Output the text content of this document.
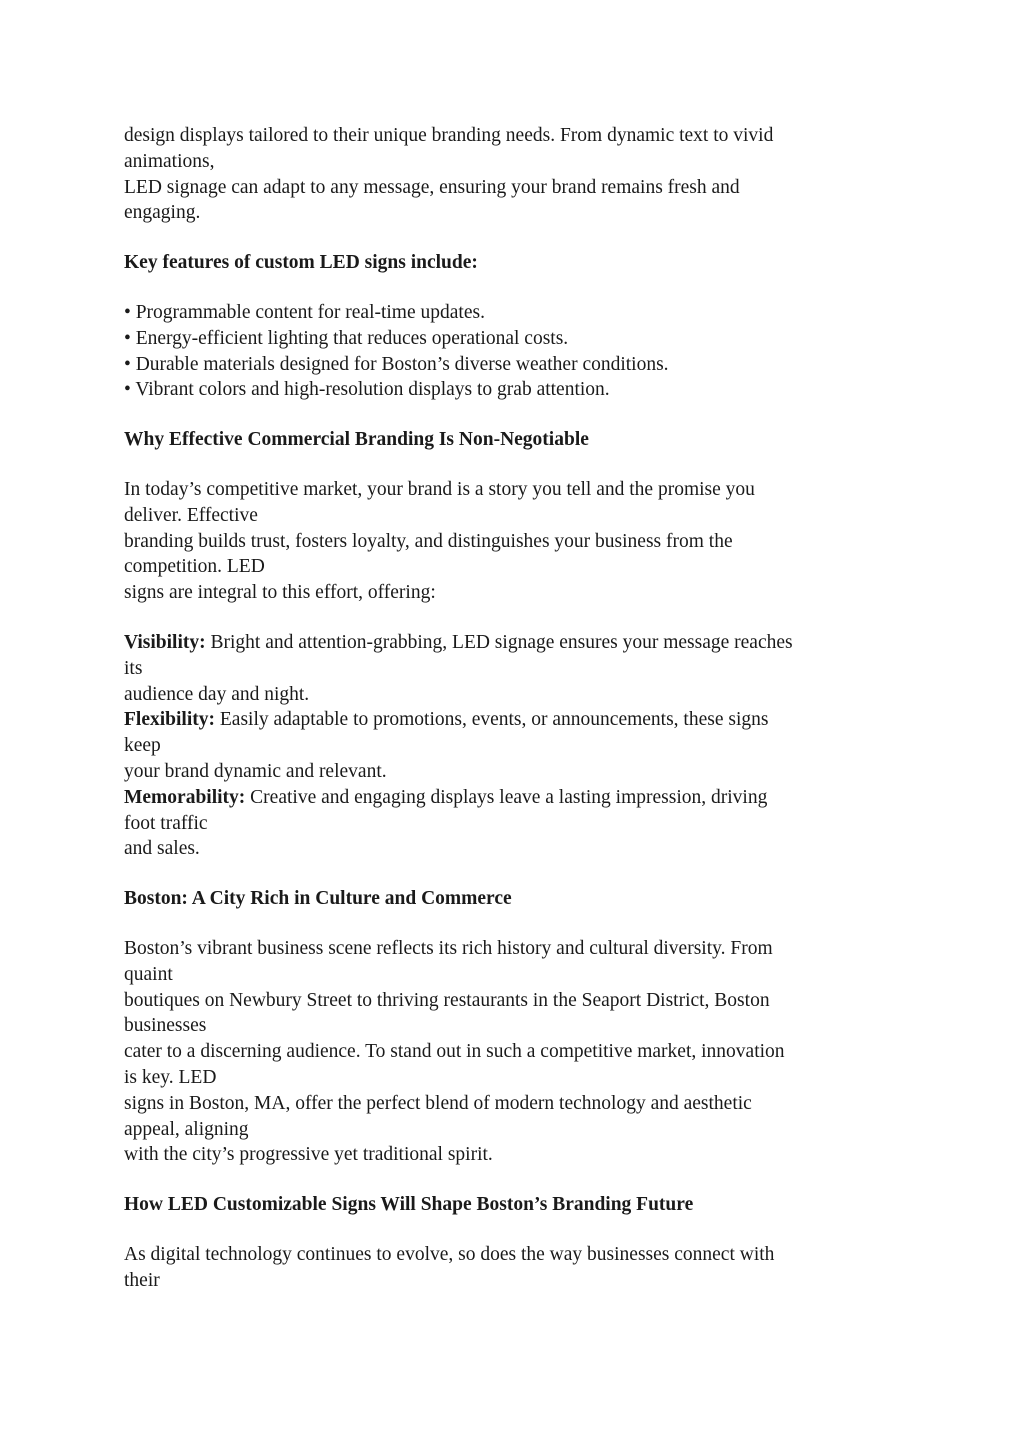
design displays tailored to their unique branding needs. From dynamic text to vivid
animations,
LED signage can adapt to any message, ensuring your brand remains fresh and
engaging.
Key features of custom LED signs include:
• Programmable content for real-time updates.
• Energy-efficient lighting that reduces operational costs.
• Durable materials designed for Boston’s diverse weather conditions.
• Vibrant colors and high-resolution displays to grab attention.
Why Effective Commercial Branding Is Non-Negotiable
In today’s competitive market, your brand is a story you tell and the promise you
deliver. Effective
branding builds trust, fosters loyalty, and distinguishes your business from the
competition. LED
signs are integral to this effort, offering:
Visibility: Bright and attention-grabbing, LED signage ensures your message reaches
its
audience day and night.
Flexibility: Easily adaptable to promotions, events, or announcements, these signs
keep
your brand dynamic and relevant.
Memorability: Creative and engaging displays leave a lasting impression, driving
foot traffic
and sales.
Boston: A City Rich in Culture and Commerce
Boston’s vibrant business scene reflects its rich history and cultural diversity. From
quaint
boutiques on Newbury Street to thriving restaurants in the Seaport District, Boston
businesses
cater to a discerning audience. To stand out in such a competitive market, innovation
is key. LED
signs in Boston, MA, offer the perfect blend of modern technology and aesthetic
appeal, aligning
with the city’s progressive yet traditional spirit.
How LED Customizable Signs Will Shape Boston’s Branding Future
As digital technology continues to evolve, so does the way businesses connect with
their
